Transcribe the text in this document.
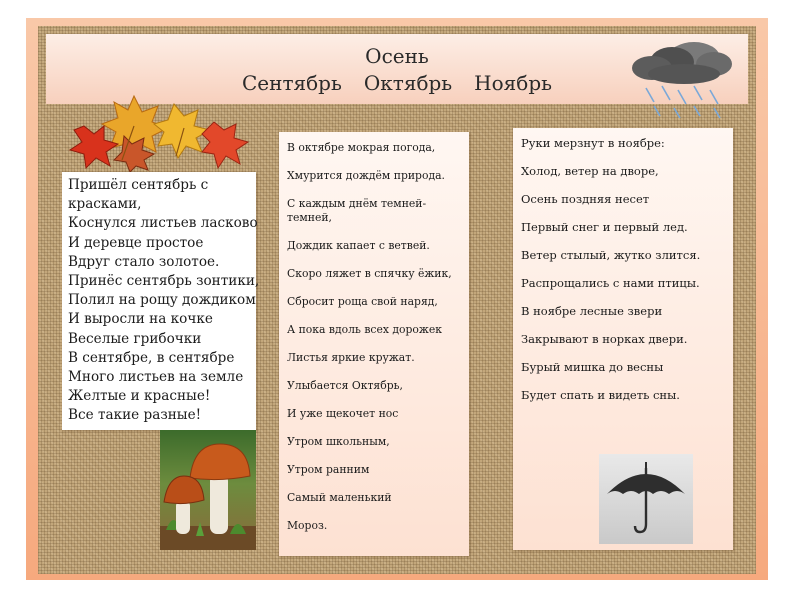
Осень
Сентябрь Октябрь Ноябрь
Пришёл сентябрь с
красками,
Коснулся листьев ласково
И деревце простое
Вдруг стало золотое.
Принёс сентябрь зонтики,
Полил на рощу дождиком
И выросли на кочке
Веселые грибочки
В сентябре, в сентябре
Много листьев на земле
Желтые и красные!
Все такие разные!
В октябре мокрая погода,
Хмурится дождём природа.
С каждым днём темней-
темней,
Дождик капает с ветвей.
Скоро ляжет в спячку ёжик,
Сбросит роща свой наряд,
А пока вдоль всех дорожек
Листья яркие кружат.
Улыбается Октябрь,
И уже щекочет нос
Утром школьным,
Утром ранним
Самый маленький
Мороз.
Руки мерзнут в ноябре:
Холод, ветер на дворе,
Осень поздняя несет
Первый снег и первый лед.
Ветер стылый, жутко злится.
Распрощались с нами птицы.
В ноябре лесные звери
Закрывают в норках двери.
Бурый мишка до весны
Будет спать и видеть сны.
